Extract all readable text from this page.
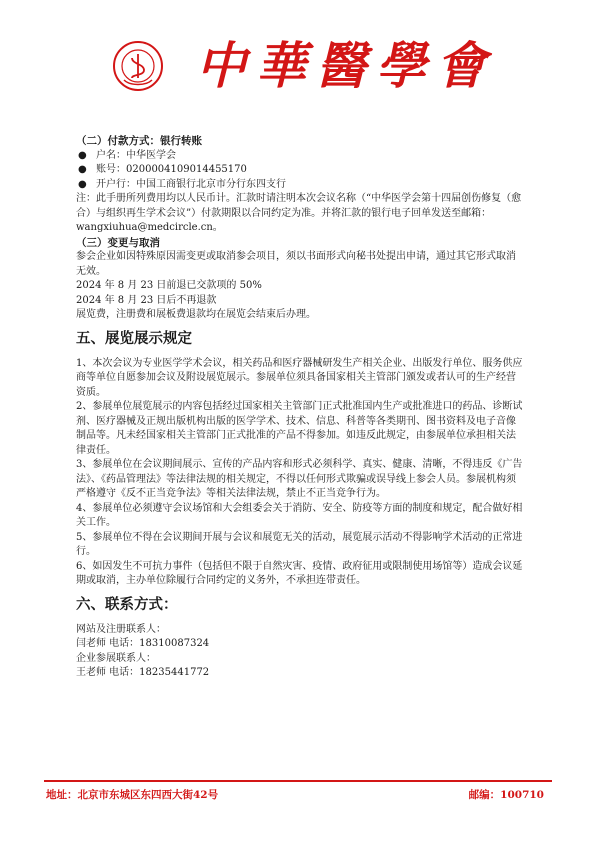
中華醫學會

（二）付款方式：银行转账

● 户名：中华医学会
● 账号：0200004109014455170
● 开户行：中国工商银行北京市分行东四支行

注：此手册所列费用均以人民币计。汇款时请注明本次会议名称（“中华医学会第十四届创伤修复（愈合）与组织再生学术会议”）付款期限以合同约定为准。并将汇款的银行电子回单发送至邮箱：wangxiuhua@medcircle.cn。

（三）变更与取消

参会企业如因特殊原因需变更或取消参会项目，须以书面形式向秘书处提出申请，通过其它形式取消无效。

2024 年 8 月 23 日前退已交款项的 50%

2024 年 8 月 23 日后不再退款

展览费，注册费和展板费退款均在展览会结束后办理。

五、展览展示规定

1、本次会议为专业医学学术会议，相关药品和医疗器械研发生产相关企业、出版发行单位、服务供应商等单位自愿参加会议及附设展览展示。参展单位须具备国家相关主管部门颁发或者认可的生产经营资质。

2、参展单位展览展示的内容包括经过国家相关主管部门正式批准国内生产或批准进口的药品、诊断试剂、医疗器械及正规出版机构出版的医学学术、技术、信息、科普等各类期刊、图书资料及电子音像制品等。凡未经国家相关主管部门正式批准的产品不得参加。如违反此规定，由参展单位承担相关法律责任。

3、参展单位在会议期间展示、宣传的产品内容和形式必须科学、真实、健康、清晰，不得违反《广告法》、《药品管理法》等法律法规的相关规定，不得以任何形式欺骗或误导线上参会人员。参展机构须严格遵守《反不正当竞争法》等相关法律法规，禁止不正当竞争行为。

4、参展单位必须遵守会议场馆和大会组委会关于消防、安全、防疫等方面的制度和规定，配合做好相关工作。

5、参展单位不得在会议期间开展与会议和展览无关的活动，展览展示活动不得影响学术活动的正常进行。

6、如因发生不可抗力事件（包括但不限于自然灾害、疫情、政府征用或限制使用场馆等）造成会议延期或取消，主办单位除履行合同约定的义务外，不承担连带责任。

六、联系方式：

网站及注册联系人：

闫老师 电话：18310087324

企业参展联系人：

王老师 电话：18235441772

地址：北京市东城区东四西大街42号	邮编：100710
